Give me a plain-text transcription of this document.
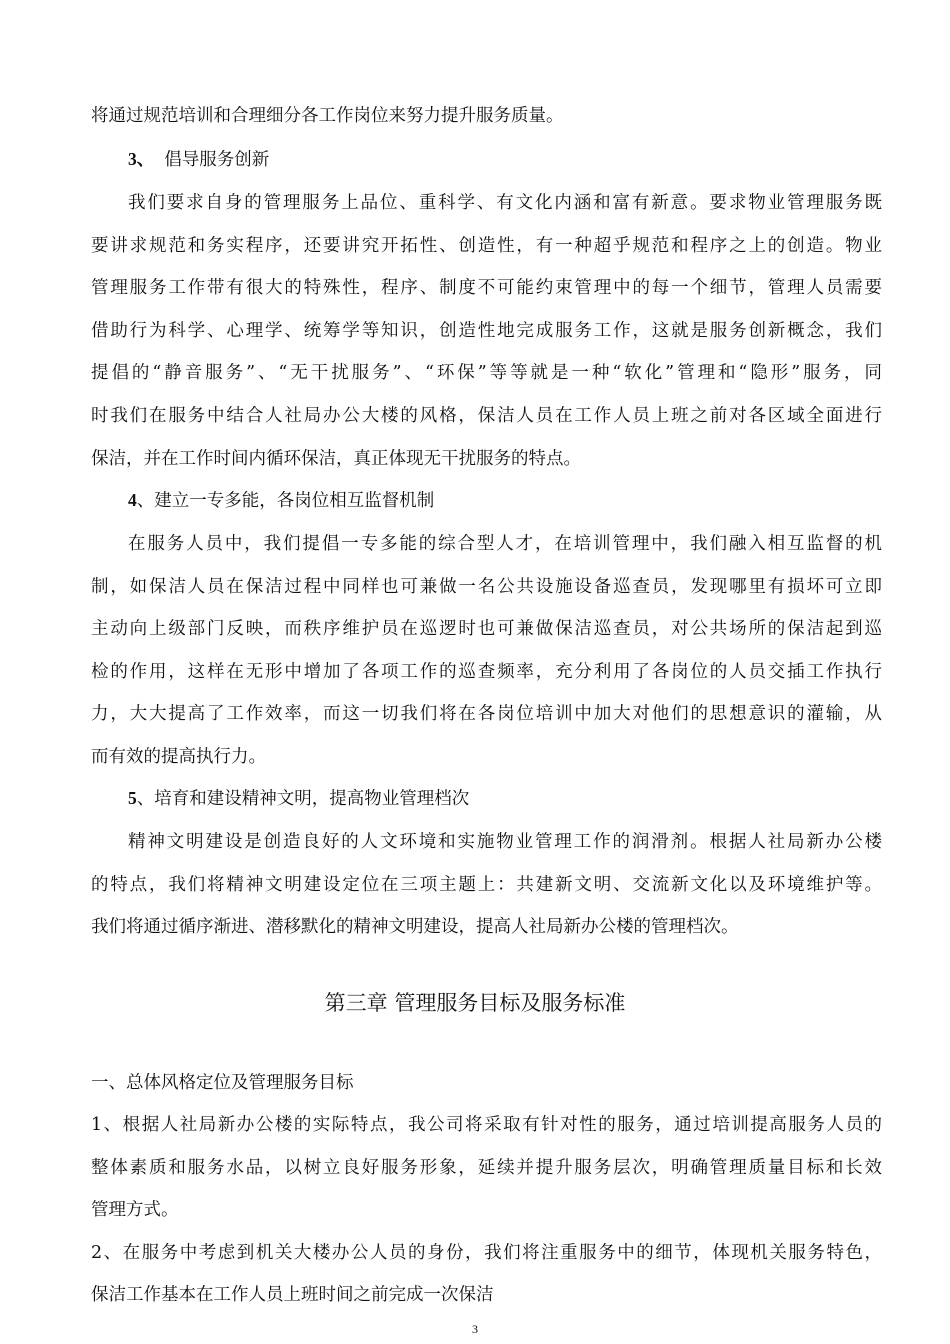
将通过规范培训和合理细分各工作岗位来努力提升服务质量。
3、 倡导服务创新
我们要求自身的管理服务上品位、重科学、有文化内涵和富有新意。要求物业管理服务既
要讲求规范和务实程序，还要讲究开拓性、创造性，有一种超乎规范和程序之上的创造。物业
管理服务工作带有很大的特殊性，程序、制度不可能约束管理中的每一个细节，管理人员需要
借助行为科学、心理学、统筹学等知识，创造性地完成服务工作，这就是服务创新概念，我们
提倡的“静音服务”、“无干扰服务”、“环保”等等就是一种“软化”管理和“隐形”服务，同
时我们在服务中结合人社局办公大楼的风格，保洁人员在工作人员上班之前对各区域全面进行
保洁，并在工作时间内循环保洁，真正体现无干扰服务的特点。
4、建立一专多能，各岗位相互监督机制
在服务人员中，我们提倡一专多能的综合型人才，在培训管理中，我们融入相互监督的机
制，如保洁人员在保洁过程中同样也可兼做一名公共设施设备巡查员，发现哪里有损坏可立即
主动向上级部门反映，而秩序维护员在巡逻时也可兼做保洁巡查员，对公共场所的保洁起到巡
检的作用，这样在无形中增加了各项工作的巡查频率，充分利用了各岗位的人员交插工作执行
力，大大提高了工作效率，而这一切我们将在各岗位培训中加大对他们的思想意识的灌输，从
而有效的提高执行力。
5、培育和建设精神文明，提高物业管理档次
精神文明建设是创造良好的人文环境和实施物业管理工作的润滑剂。根据人社局新办公楼
的特点，我们将精神文明建设定位在三项主题上：共建新文明、交流新文化以及环境维护等。
我们将通过循序渐进、潜移默化的精神文明建设，提高人社局新办公楼的管理档次。
第三章 管理服务目标及服务标准
一、总体风格定位及管理服务目标
1、根据人社局新办公楼的实际特点，我公司将采取有针对性的服务，通过培训提高服务人员的
整体素质和服务水品，以树立良好服务形象，延续并提升服务层次，明确管理质量目标和长效
管理方式。
2、在服务中考虑到机关大楼办公人员的身份，我们将注重服务中的细节，体现机关服务特色，
保洁工作基本在工作人员上班时间之前完成一次保洁
3
